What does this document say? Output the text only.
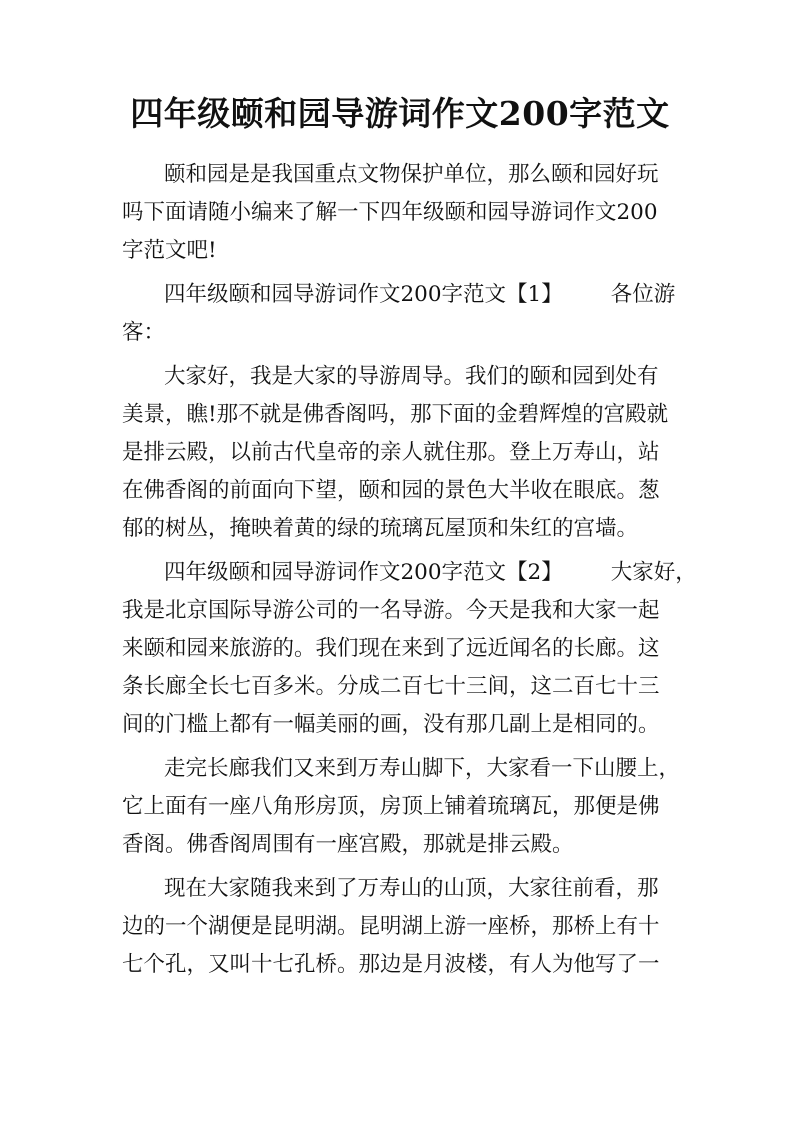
四年级颐和园导游词作文200字范文
颐和园是是我国重点文物保护单位，那么颐和园好玩
吗下面请随小编来了解一下四年级颐和园导游词作文200
字范文吧!
四年级颐和园导游词作文200字范文【1】 各位游
客：
大家好，我是大家的导游周导。我们的颐和园到处有
美景，瞧!那不就是佛香阁吗，那下面的金碧辉煌的宫殿就
是排云殿，以前古代皇帝的亲人就住那。登上万寿山，站
在佛香阁的前面向下望，颐和园的景色大半收在眼底。葱
郁的树丛，掩映着黄的绿的琉璃瓦屋顶和朱红的宫墙。
四年级颐和园导游词作文200字范文【2】 大家好，
我是北京国际导游公司的一名导游。今天是我和大家一起
来颐和园来旅游的。我们现在来到了远近闻名的长廊。这
条长廊全长七百多米。分成二百七十三间，这二百七十三
间的门槛上都有一幅美丽的画，没有那几副上是相同的。
走完长廊我们又来到万寿山脚下，大家看一下山腰上，
它上面有一座八角形房顶，房顶上铺着琉璃瓦，那便是佛
香阁。佛香阁周围有一座宫殿，那就是排云殿。
现在大家随我来到了万寿山的山顶，大家往前看，那
边的一个湖便是昆明湖。昆明湖上游一座桥，那桥上有十
七个孔，又叫十七孔桥。那边是月波楼，有人为他写了一
